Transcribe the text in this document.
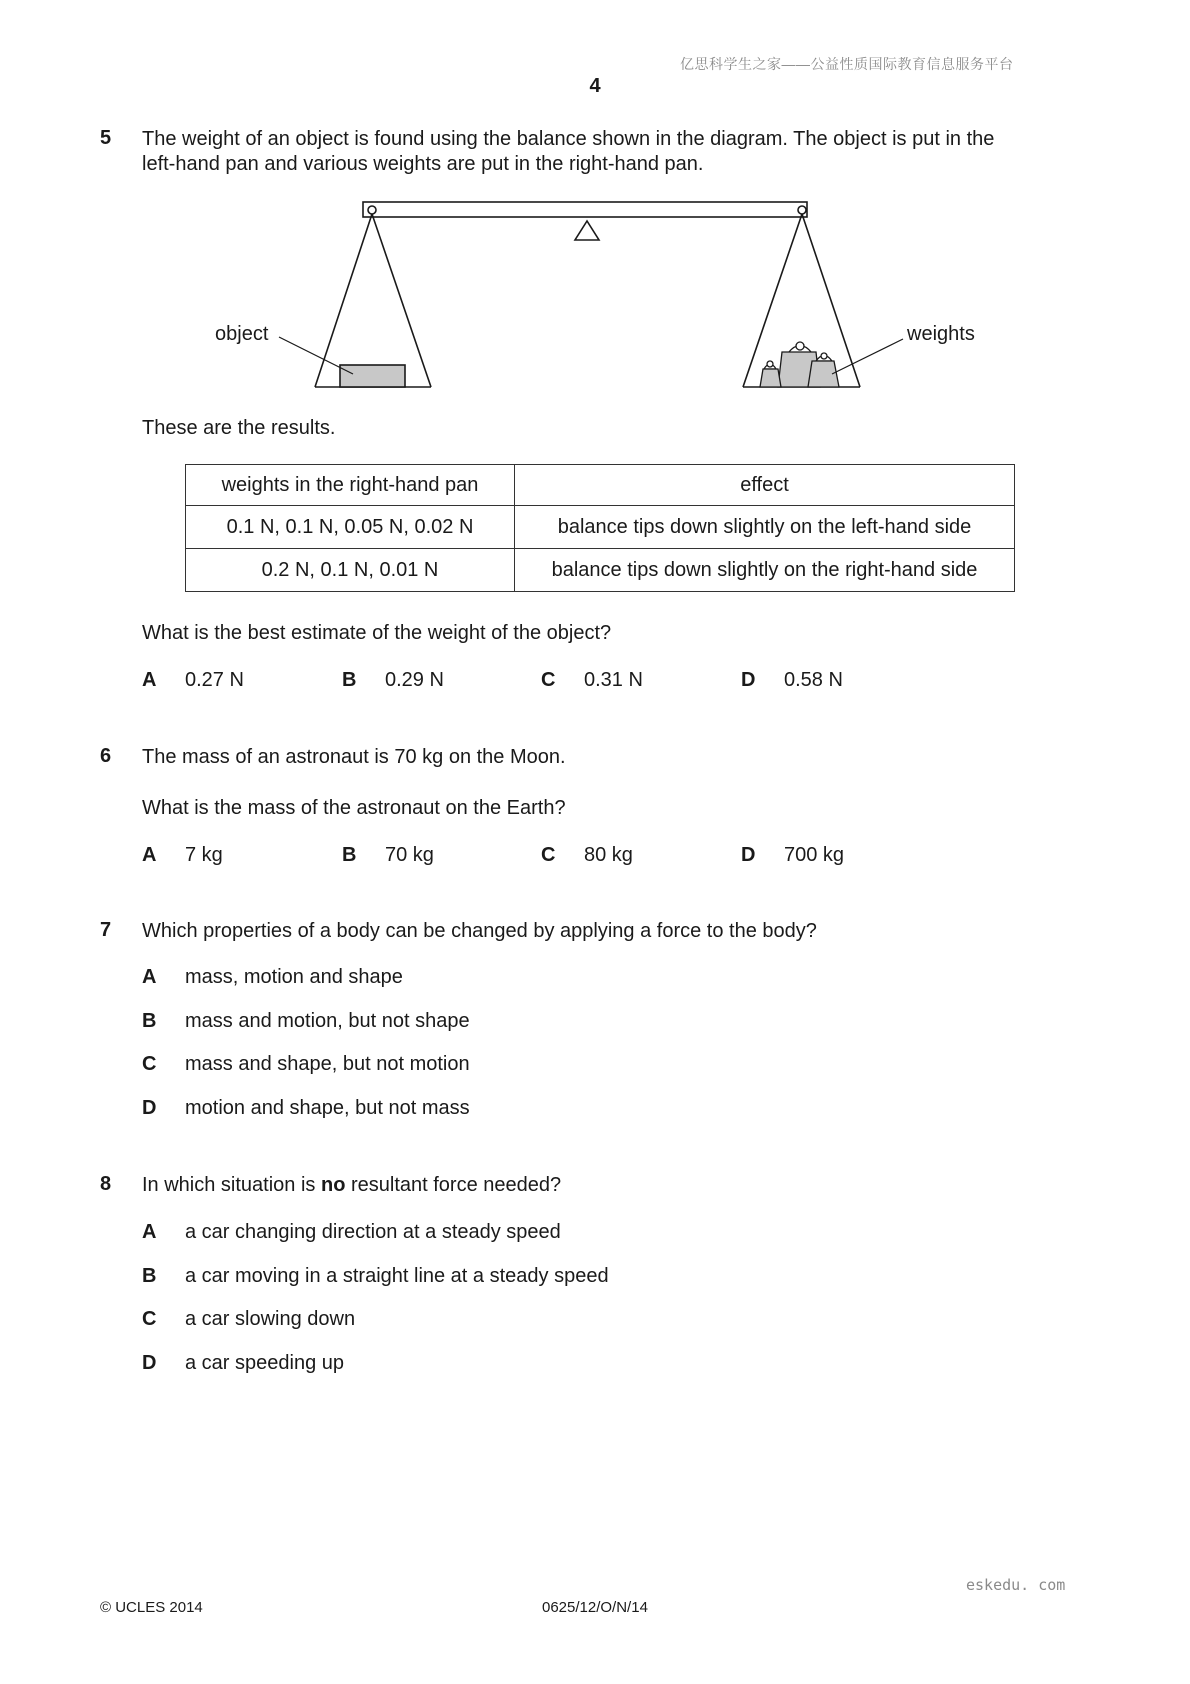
亿思科学生之家——公益性质国际教育信息服务平台
4
5 The weight of an object is found using the balance shown in the diagram. The object is put in the
left-hand pan and various weights are put in the right-hand pan.
object	weights
These are the results.
weights in the right-hand pan	effect
0.1 N, 0.1 N, 0.05 N, 0.02 N	balance tips down slightly on the left-hand side
0.2 N, 0.1 N, 0.01 N	balance tips down slightly on the right-hand side
What is the best estimate of the weight of the object?
A 0.27 N	B 0.29 N	C 0.31 N	D 0.58 N
6 The mass of an astronaut is 70 kg on the Moon.
What is the mass of the astronaut on the Earth?
A 7 kg	B 70 kg	C 80 kg	D 700 kg
7 Which properties of a body can be changed by applying a force to the body?
A mass, motion and shape
B mass and motion, but not shape
C mass and shape, but not motion
D motion and shape, but not mass
8 In which situation is no resultant force needed?
A a car changing direction at a steady speed
B a car moving in a straight line at a steady speed
C a car slowing down
D a car speeding up
eskedu. com
© UCLES 2014	0625/12/O/N/14
